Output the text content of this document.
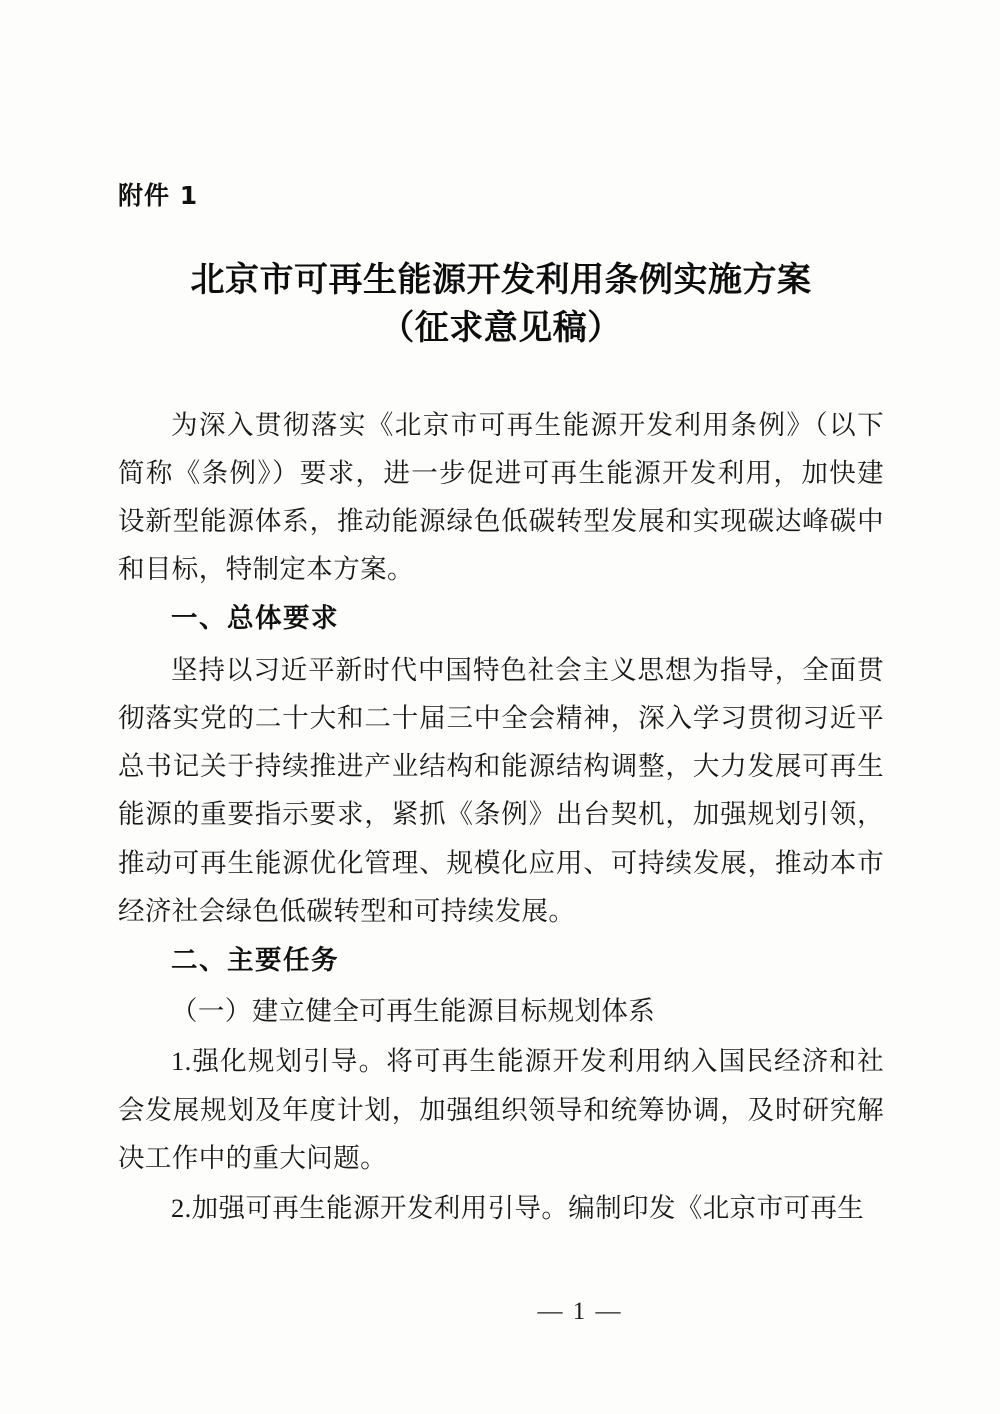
附件 1
北京市可再生能源开发利用条例实施方案
（征求意见稿）

为深入贯彻落实《北京市可再生能源开发利用条例》（以下简称《条例》）要求，进一步促进可再生能源开发利用，加快建设新型能源体系，推动能源绿色低碳转型发展和实现碳达峰碳中和目标，特制定本方案。

一、总体要求

坚持以习近平新时代中国特色社会主义思想为指导，全面贯彻落实党的二十大和二十届三中全会精神，深入学习贯彻习近平总书记关于持续推进产业结构和能源结构调整，大力发展可再生能源的重要指示要求，紧抓《条例》出台契机，加强规划引领，推动可再生能源优化管理、规模化应用、可持续发展，推动本市经济社会绿色低碳转型和可持续发展。

二、主要任务

（一）建立健全可再生能源目标规划体系

1.强化规划引导。将可再生能源开发利用纳入国民经济和社会发展规划及年度计划，加强组织领导和统筹协调，及时研究解决工作中的重大问题。

2.加强可再生能源开发利用引导。编制印发《北京市可再生

— 1 —
